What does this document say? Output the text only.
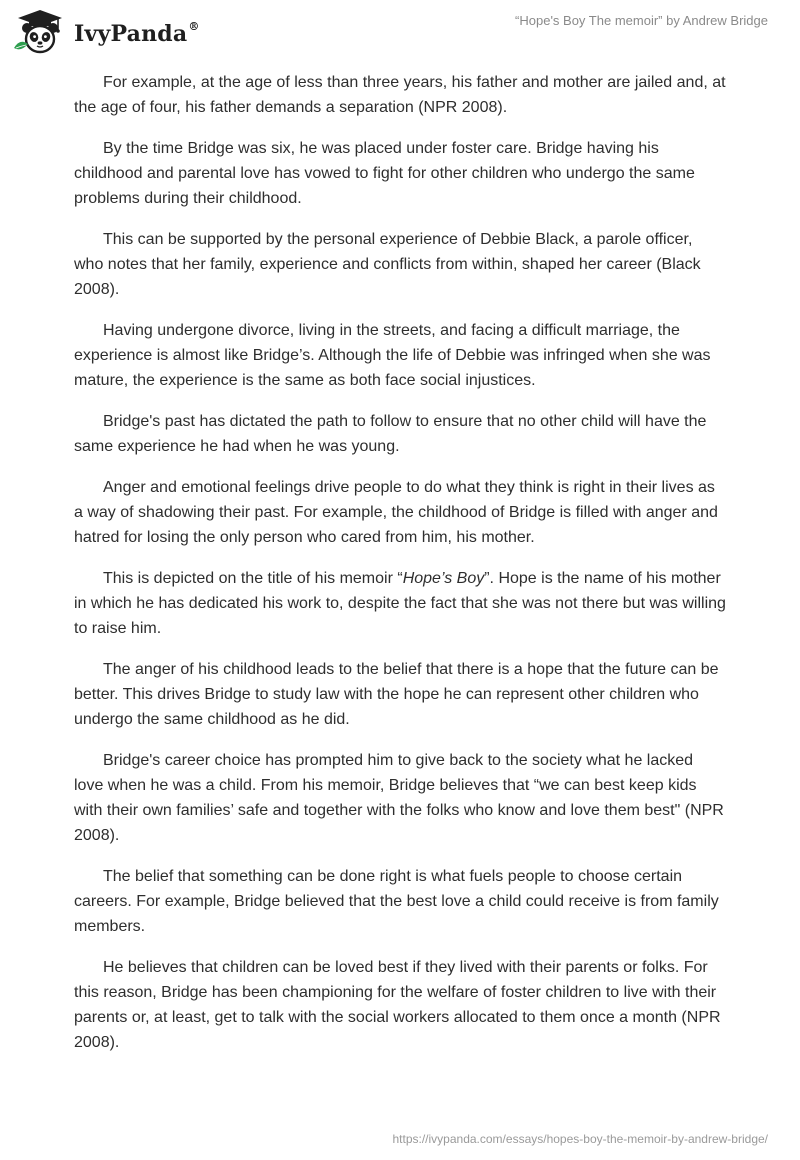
IvyPanda®	“Hope's Boy The memoir” by Andrew Bridge

For example, at the age of less than three years, his father and mother are jailed and, at the age of four, his father demands a separation (NPR 2008).

By the time Bridge was six, he was placed under foster care. Bridge having his childhood and parental love has vowed to fight for other children who undergo the same problems during their childhood.

This can be supported by the personal experience of Debbie Black, a parole officer, who notes that her family, experience and conflicts from within, shaped her career (Black 2008).

Having undergone divorce, living in the streets, and facing a difficult marriage, the experience is almost like Bridge’s. Although the life of Debbie was infringed when she was mature, the experience is the same as both face social injustices.

Bridge's past has dictated the path to follow to ensure that no other child will have the same experience he had when he was young.

Anger and emotional feelings drive people to do what they think is right in their lives as a way of shadowing their past. For example, the childhood of Bridge is filled with anger and hatred for losing the only person who cared from him, his mother.

This is depicted on the title of his memoir “Hope’s Boy”. Hope is the name of his mother in which he has dedicated his work to, despite the fact that she was not there but was willing to raise him.

The anger of his childhood leads to the belief that there is a hope that the future can be better. This drives Bridge to study law with the hope he can represent other children who undergo the same childhood as he did.

Bridge's career choice has prompted him to give back to the society what he lacked love when he was a child. From his memoir, Bridge believes that “we can best keep kids with their own families’ safe and together with the folks who know and love them best" (NPR 2008).

The belief that something can be done right is what fuels people to choose certain careers. For example, Bridge believed that the best love a child could receive is from family members.

He believes that children can be loved best if they lived with their parents or folks. For this reason, Bridge has been championing for the welfare of foster children to live with their parents or, at least, get to talk with the social workers allocated to them once a month (NPR 2008).

https://ivypanda.com/essays/hopes-boy-the-memoir-by-andrew-bridge/
